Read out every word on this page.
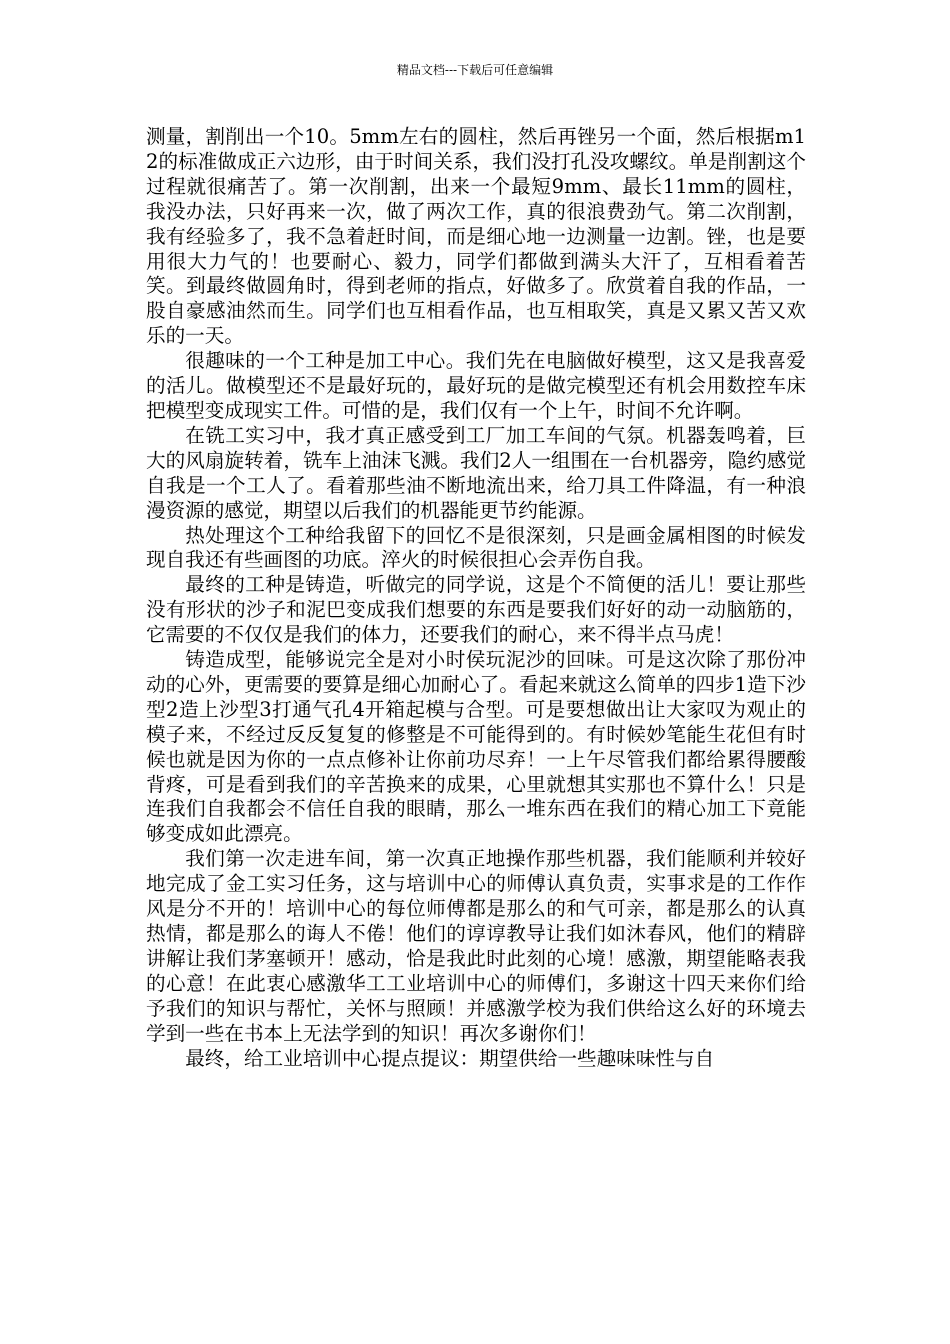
精品文档---下载后可任意编辑

测量，割削出一个10。5mm左右的圆柱，然后再锉另一个面，然后根据m12的标准做成正六边形，由于时间关系，我们没打孔没攻螺纹。单是削割这个过程就很痛苦了。第一次削割，出来一个最短9mm、最长11mm的圆柱，我没办法，只好再来一次，做了两次工作，真的很浪费劲气。第二次削割，我有经验多了，我不急着赶时间，而是细心地一边测量一边割。锉，也是要用很大力气的！也要耐心、毅力，同学们都做到满头大汗了，互相看着苦笑。到最终做圆角时，得到老师的指点，好做多了。欣赏着自我的作品，一股自豪感油然而生。同学们也互相看作品，也互相取笑，真是又累又苦又欢乐的一天。

很趣味的一个工种是加工中心。我们先在电脑做好模型，这又是我喜爱的活儿。做模型还不是最好玩的，最好玩的是做完模型还有机会用数控车床把模型变成现实工件。可惜的是，我们仅有一个上午，时间不允许啊。

在铣工实习中，我才真正感受到工厂加工车间的气氛。机器轰鸣着，巨大的风扇旋转着，铣车上油沫飞溅。我们2人一组围在一台机器旁，隐约感觉自我是一个工人了。看着那些油不断地流出来，给刀具工件降温，有一种浪漫资源的感觉，期望以后我们的机器能更节约能源。

热处理这个工种给我留下的回忆不是很深刻，只是画金属相图的时候发现自我还有些画图的功底。淬火的时候很担心会弄伤自我。

最终的工种是铸造，听做完的同学说，这是个不简便的活儿！要让那些没有形状的沙子和泥巴变成我们想要的东西是要我们好好的动一动脑筋的，它需要的不仅仅是我们的体力，还要我们的耐心，来不得半点马虎！

铸造成型，能够说完全是对小时侯玩泥沙的回味。可是这次除了那份冲动的心外，更需要的要算是细心加耐心了。看起来就这么简单的四步1造下沙型2造上沙型3打通气孔4开箱起模与合型。可是要想做出让大家叹为观止的模子来，不经过反反复复的修整是不可能得到的。有时候妙笔能生花但有时候也就是因为你的一点点修补让你前功尽弃！一上午尽管我们都给累得腰酸背疼，可是看到我们的辛苦换来的成果，心里就想其实那也不算什么！只是连我们自我都会不信任自我的眼睛，那么一堆东西在我们的精心加工下竟能够变成如此漂亮。

我们第一次走进车间，第一次真正地操作那些机器，我们能顺利并较好地完成了金工实习任务，这与培训中心的师傅认真负责，实事求是的工作作风是分不开的！培训中心的每位师傅都是那么的和气可亲，都是那么的认真热情，都是那么的诲人不倦！他们的谆谆教导让我们如沐春风，他们的精辟讲解让我们茅塞顿开！感动，恰是我此时此刻的心境！感激，期望能略表我的心意！在此衷心感激华工工业培训中心的师傅们，多谢这十四天来你们给予我们的知识与帮忙，关怀与照顾！并感激学校为我们供给这么好的环境去学到一些在书本上无法学到的知识！再次多谢你们！

最终，给工业培训中心提点提议：期望供给一些趣味味性与自
